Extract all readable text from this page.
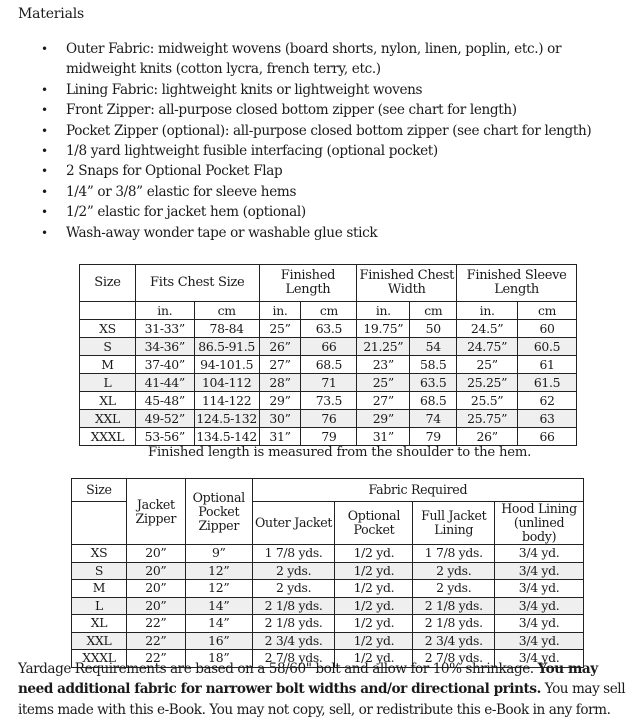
Materials
• Outer Fabric: midweight wovens (board shorts, nylon, linen, poplin, etc.) or midweight knits (cotton lycra, french terry, etc.)
• Lining Fabric: lightweight knits or lightweight wovens
• Front Zipper: all-purpose closed bottom zipper (see chart for length)
• Pocket Zipper (optional): all-purpose closed bottom zipper (see chart for length)
• 1/8 yard lightweight fusible interfacing (optional pocket)
• 2 Snaps for Optional Pocket Flap
• 1/4” or 3/8” elastic for sleeve hems
• 1/2” elastic for jacket hem (optional)
• Wash-away wonder tape or washable glue stick
Size	Fits Chest Size		Finished Length		Finished Chest Width		Finished Sleeve Length	
	in.	cm	in.	cm	in.	cm	in.	cm
XS	31-33”	78-84	25”	63.5	19.75”	50	24.5”	60
S	34-36”	86.5-91.5	26”	66	21.25”	54	24.75”	60.5
M	37-40”	94-101.5	27”	68.5	23”	58.5	25”	61
L	41-44”	104-112	28”	71	25”	63.5	25.25”	61.5
XL	45-48”	114-122	29”	73.5	27”	68.5	25.5”	62
XXL	49-52”	124.5-132	30”	76	29”	74	25.75”	63
XXXL	53-56”	134.5-142	31”	79	31”	79	26”	66
Finished length is measured from the shoulder to the hem.
Size	Jacket Zipper	Optional Pocket Zipper	Fabric Required			
			Outer Jacket	Optional Pocket	Full Jacket Lining	Hood Lining (unlined body)
XS	20”	9”	1 7/8 yds.	1/2 yd.	1 7/8 yds.	3/4 yd.
S	20”	12”	2 yds.	1/2 yd.	2 yds.	3/4 yd.
M	20”	12”	2 yds.	1/2 yd.	2 yds.	3/4 yd.
L	20”	14”	2 1/8 yds.	1/2 yd.	2 1/8 yds.	3/4 yd.
XL	22”	14”	2 1/8 yds.	1/2 yd.	2 1/8 yds.	3/4 yd.
XXL	22”	16”	2 3/4 yds.	1/2 yd.	2 3/4 yds.	3/4 yd.
XXXL	22”	18”	2 7/8 yds.	1/2 yd.	2 7/8 yds.	3/4 yd.
Yardage Requirements are based on a 58/60" bolt and allow for 10% shrinkage. You may need additional fabric for narrower bolt widths and/or directional prints. You may sell items made with this e-Book. You may not copy, sell, or redistribute this e-Book in any form.
